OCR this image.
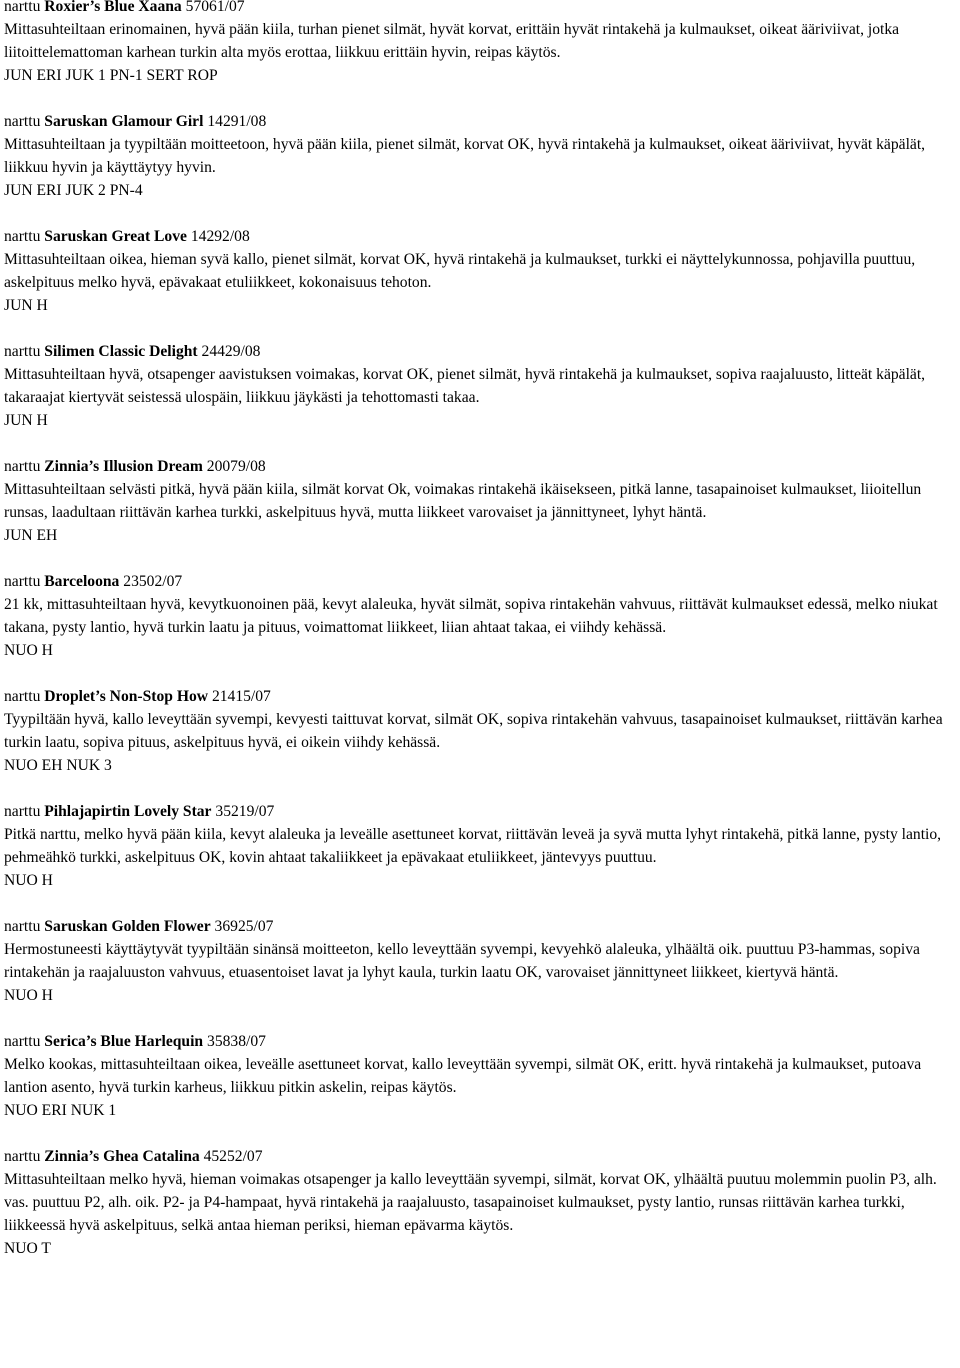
narttu Roxier’s Blue Xaana 57061/07

Mittasuhteiltaan erinomainen, hyvä pään kiila, turhan pienet silmät, hyvät korvat, erittäin hyvät rintakehä ja kulmaukset, oikeat ääriviivat, jotka liitoittelemattoman karhean turkin alta myös erottaa, liikkuu erittäin hyvin, reipas käytös.

JUN ERI JUK 1 PN-1 SERT ROP

narttu Saruskan Glamour Girl 14291/08

Mittasuhteiltaan ja tyypiltään moitteetoon, hyvä pään kiila, pienet silmät, korvat OK, hyvä rintakehä ja kulmaukset, oikeat ääriviivat, hyvät käpälät, liikkuu hyvin ja käyttäytyy hyvin.

JUN ERI JUK 2 PN-4

narttu Saruskan Great Love 14292/08

Mittasuhteiltaan oikea, hieman syvä kallo, pienet silmät, korvat OK, hyvä rintakehä ja kulmaukset, turkki ei näyttelykunnossa, pohjavilla puuttuu, askelpituus melko hyvä, epävakaat etuliikkeet, kokonaisuus tehoton.

JUN H

narttu Silimen Classic Delight 24429/08

Mittasuhteiltaan hyvä, otsapenger aavistuksen voimakas, korvat OK, pienet silmät, hyvä rintakehä ja kulmaukset, sopiva raajaluusto, litteät käpälät, takaraajat kiertyvät seistessä ulospäin, liikkuu jäykästi ja tehottomasti takaa.

JUN H

narttu Zinnia’s Illusion Dream 20079/08

Mittasuhteiltaan selvästi pitkä, hyvä pään kiila, silmät korvat Ok, voimakas rintakehä ikäisekseen, pitkä lanne, tasapainoiset kulmaukset, liioitellun runsas, laadultaan riittävän karhea turkki, askelpituus hyvä, mutta liikkeet varovaiset ja jännittyneet, lyhyt häntä.

JUN EH

narttu Barceloona 23502/07

21 kk, mittasuhteiltaan hyvä, kevytkuonoinen pää, kevyt alaleuka, hyvät silmät, sopiva rintakehän vahvuus, riittävät kulmaukset edessä, melko niukat takana, pysty lantio, hyvä turkin laatu ja pituus, voimattomat liikkeet, liian ahtaat takaa, ei viihdy kehässä.

NUO H

narttu Droplet’s Non-Stop How 21415/07

Tyypiltään hyvä, kallo leveyttään syvempi, kevyesti taittuvat korvat, silmät OK, sopiva rintakehän vahvuus, tasapainoiset kulmaukset, riittävän karhea turkin laatu, sopiva pituus, askelpituus hyvä, ei oikein viihdy kehässä.

NUO EH NUK 3

narttu Pihlajapirtin Lovely Star 35219/07

Pitkä narttu, melko hyvä pään kiila, kevyt alaleuka ja leveälle asettuneet korvat, riittävän leveä ja syvä mutta lyhyt rintakehä, pitkä lanne, pysty lantio, pehmeähkö turkki, askelpituus OK, kovin ahtaat takaliikkeet ja epävakaat etuliikkeet, jäntevyys puuttuu.

NUO H

narttu Saruskan Golden Flower 36925/07

Hermostuneesti käyttäytyvät tyypiltään sinänsä moitteeton, kello leveyttään syvempi, kevyehkö alaleuka, ylhäältä oik. puuttuu P3-hammas, sopiva rintakehän ja raajaluuston vahvuus, etuasentoiset lavat ja lyhyt kaula, turkin laatu OK, varovaiset jännittyneet liikkeet, kiertyvä häntä.

NUO H

narttu Serica’s Blue Harlequin 35838/07

Melko kookas, mittasuhteiltaan oikea, leveälle asettuneet korvat, kallo leveyttään syvempi, silmät OK, eritt. hyvä rintakehä ja kulmaukset, putoava lantion asento, hyvä turkin karheus, liikkuu pitkin askelin, reipas käytös.

NUO ERI NUK 1

narttu Zinnia’s Ghea Catalina 45252/07

Mittasuhteiltaan melko hyvä, hieman voimakas otsapenger ja kallo leveyttään syvempi, silmät, korvat OK, ylhäältä puutuu molemmin puolin P3, alh. vas. puuttuu P2, alh. oik. P2- ja P4-hampaat, hyvä rintakehä ja raajaluusto, tasapainoiset kulmaukset, pysty lantio, runsas riittävän karhea turkki, liikkeessä hyvä askelpituus, selkä antaa hieman periksi, hieman epävarma käytös.

NUO T
